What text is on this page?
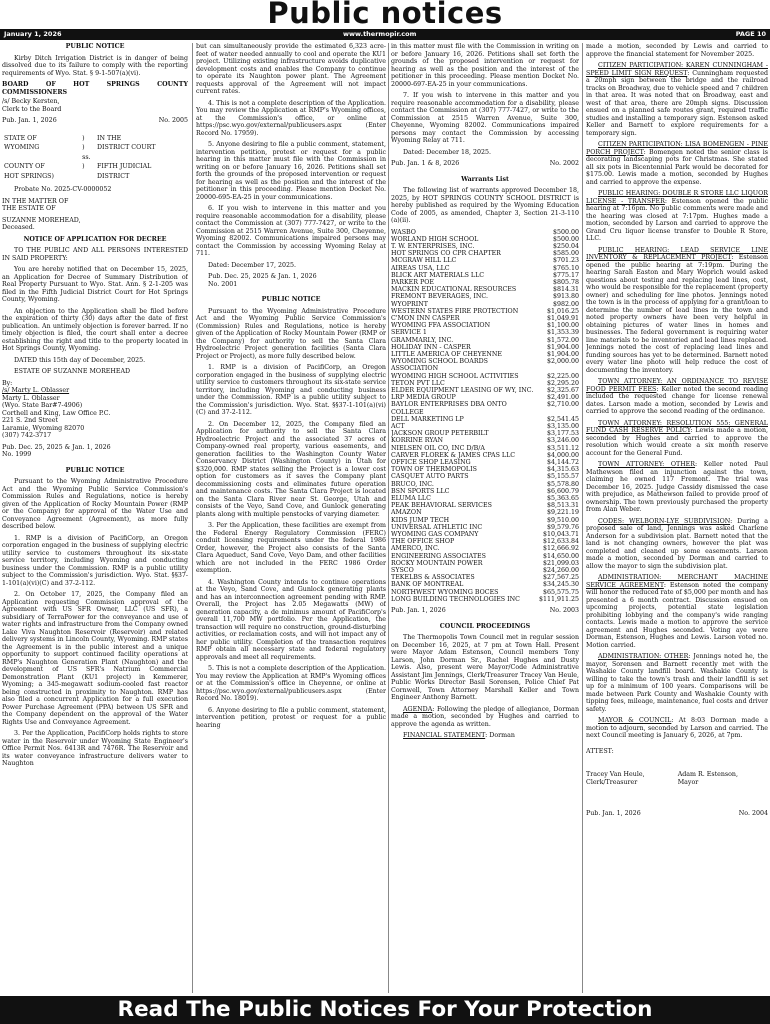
Public notices
January 1, 2026	www.thermopir.com	PAGE 10

PUBLIC NOTICE

Kirby Ditch Irrigation District is in danger of being dissolved due to its failure to comply with the reporting requirements of Wyo. Stat. § 9-1-507(a)(vi).

BOARD OF HOT SPRINGS COUNTY COMMISSIONERS

/s/ Becky Kersten,

Clerk to the Board

Pub. Jan. 1, 2026	No. 2005
STATE OF	)	IN THE
WYOMING	)	DISTRICT COURT
	ss.	
COUNTY OF	)	FIFTH JUDICIAL
HOT SPRINGS)		DISTRICT

Probate No. 2025-CV-0000052

IN THE MATTER OF

THE ESTATE OF

SUZANNE MOREHEAD,

Deceased.

NOTICE OF APPLICATION FOR DECREE

TO THE PUBLIC AND ALL PERSONS INTERESTED IN SAID PROPERTY:

You are hereby notified that on December 15, 2025, an Application for Decree of Summary Distribution of Real Property Pursuant to Wyo. Stat. Ann. § 2-1-205 was filed in the Fifth Judicial District Court for Hot Springs County, Wyoming.

An objection to the Application shall be filed before the expiration of thirty (30) days after the date of first publication. An untimely objection is forever barred. If no timely objection is filed, the court shall enter a decree establishing the right and title to the property located in Hot Springs County, Wyoming.

DATED this 15th day of December, 2025.

ESTATE OF SUZANNE MOREHEAD

By:

/s/ Marty L. Oblasser

Marty L. Oblasser

(Wyo. State Bar#7-4906)

Corthell and King, Law Office P.C.

221 S. 2nd Street

Laramie, Wyoming 82070

(307) 742-3717

Pub. Dec. 25, 2025 & Jan. 1, 2026

No. 1999

PUBLIC NOTICE

Pursuant to the Wyoming Administrative Procedure Act and the Wyoming Public Service Commission's Commission Rules and Regulations, notice is hereby given of the Application of Rocky Mountain Power (RMP or the Company) for approval of the Water Use and Conveyance Agreement (Agreement), as more fully described below.

1. RMP is a division of PacifiCorp, an Oregon corporation engaged in the business of supplying electric utility service to customers throughout its six-state service territory, including Wyoming and conducting business under the Commission. RMP is a public utility subject to the Commission's jurisdiction. Wyo. Stat. §§37-1-101(a)(vi)(C) and 37-2-112.

2. On October 17, 2025, the Company filed an Application requesting Commission approval of the Agreement with US SFR Owner, LLC (US SFR), a subsidiary of TerraPower for the conveyance and use of water rights and infrastructure from the Company owned Lake Viva Naughton Reservoir (Reservoir) and related delivery systems in Lincoln County, Wyoming. RMP states the Agreement is in the public interest and a unique opportunity to support continued facility operations at RMP's Naughton Generation Plant (Naughton) and the development of US SFR's Natrium Commercial Demonstration Plant (KU1 project) in Kemmerer, Wyoming; a 345-megawatt sodium-cooled fast reactor being constructed in proximity to Naughton. RMP has also filed a concurrent Application for a full execution Power Purchase Agreement (PPA) between US SFR and the Company dependent on the approval of the Water Rights Use and Conveyance Agreement.

3. Per the Application, PacifiCorp holds rights to store water in the Reservoir under Wyoming State Engineer's Office Permit Nos. 6413R and 7476R. The Reservoir and its water conveyance infrastructure delivers water to Naughton

but can simultaneously provide the estimated 6,323 acre-feet of water needed annually to cool and operate the KU1 project. Utilizing existing infrastructure avoids duplicative development costs and enables the Company to continue to operate its Naughton power plant. The Agreement requests approval of the Agreement will not impact current rates.

4. This is not a complete description of the Application. You may review the Application at RMP's Wyoming offices, at the Commission's office, or online at https://psc.wyo.gov/external/publicusers.aspx (Enter Record No. 17959).

5. Anyone desiring to file a public comment, statement, intervention petition, protest or request for a public hearing in this matter must file with the Commission in writing on or before January 16, 2026. Petitions shall set forth the grounds of the proposed intervention or request for hearing as well as the position and the interest of the petitioner in this proceeding. Please mention Docket No. 20000-695-EA-25 in your communications.

6. If you wish to intervene in this matter and you require reasonable accommodation for a disability, please contact the Commission at (307) 777-7427, or write to the Commission at 2515 Warren Avenue, Suite 300, Cheyenne, Wyoming 82002. Communications impaired persons may contact the Commission by accessing Wyoming Relay at 711.

Dated: December 17, 2025.

Pub. Dec. 25, 2025 & Jan. 1, 2026

No. 2001

PUBLIC NOTICE

Pursuant to the Wyoming Administrative Procedure Act and the Wyoming Public Service Commission's (Commission) Rules and Regulations, notice is hereby given of the Application of Rocky Mountain Power (RMP or the Company) for authority to sell the Santa Clara Hydroelectric Project generation facilities (Santa Clara Project or Project), as more fully described below.

1. RMP is a division of PacifiCorp, an Oregon corporation engaged in the business of supplying electric utility service to customers throughout its six-state service territory, including Wyoming and conducting business under the Commission. RMP is a public utility subject to the Commission's jurisdiction. Wyo. Stat. §§37-1-101(a)(vi)(C) and 37-2-112.

2. On December 12, 2025, the Company filed an Application for authority to sell the Santa Clara Hydroelectric Project and the associated 37 acres of Company-owned real property, various easements, and generation facilities to the Washington County Water Conservancy District (Washington County) in Utah for $320,000. RMP states selling the Project is a lower cost option for customers as it saves the Company plant decommissioning costs and eliminates future operation and maintenance costs. The Santa Clara Project is located on the Santa Clara River near St. George, Utah and consists of the Veyo, Sand Cove, and Gunlock generating plants along with multiple penstocks of varying diameter.

3. Per the Application, these facilities are exempt from the Federal Energy Regulatory Commission (FERC) conduit licensing requirements under the federal 1986 Order, however, the Project also consists of the Santa Clara Aqueduct, Sand Cove, Veyo Dam, and other facilities which are not included in the FERC 1986 Order exemption.

4. Washington County intends to continue operations at the Veyo, Sand Cove, and Gunlock generating plants and has an interconnection agreement pending with RMP. Overall, the Project has 2.05 Megawatts (MW) of generation capacity, a de minimus amount of PacifiCorp's overall 11,700 MW portfolio. Per the Application, the transaction will require no construction, ground-disturbing activities, or reclamation costs, and will not impact any of her public utility. Completion of the transaction requires RMP obtain all necessary state and federal regulatory approvals and meet all requirements.

5. This is not a complete description of the Application. You may review the Application at RMP's Wyoming offices or at the Commission's office in Cheyenne, or online at https://psc.wyo.gov/external/publicusers.aspx (Enter Record No. 18019).

6. Anyone desiring to file a public comment, statement, intervention petition, protest or request for a public hearing

in this matter must file with the Commission in writing on or before January 16, 2026. Petitions shall set forth the grounds of the proposed intervention or request for hearing as well as the position and the interest of the petitioner in this proceeding. Please mention Docket No. 20000-697-EA-25 in your communications.

7. If you wish to intervene in this matter and you require reasonable accommodation for a disability, please contact the Commission at (307) 777-7427, or write to the Commission at 2515 Warren Avenue, Suite 300, Cheyenne, Wyoming 82002. Communications impaired persons may contact the Commission by accessing Wyoming Relay at 711.

Dated: December 18, 2025.

Pub. Jan. 1 & 8, 2026	No. 2002

Warrants List

The following list of warrants approved December 18, 2025, by HOT SPRINGS COUNTY SCHOOL DISTRICT is hereby published as required by the Wyoming Education Code of 2005, as amended, Chapter 3, Section 21-3-110 (a)(ii).

WASBO	$500.00
WORLAND HIGH SCHOOL	$500.00
T. W. ENTERPRISES, INC.	$250.04
HOT SPRINGS CO CPR CHAPTER	$585.00
MCGRAW HILL LLC	$701.23
AIREAS USA, LLC	$765.10
BLICK ART MATERIALS LLC	$775.17
PARKER POE	$805.78
MACKIN EDUCATIONAL RESOURCES	$814.31
FREMONT BEVERAGES, INC.	$913.80
WYOPRINT	$982.00
WESTERN STATES FIRE PROTECTION	$1,016.25
C'MON INN CASPER	$1,049.91
WYOMING FFA ASSOCIATION	$1,100.00
SERVICE 1	$1,353.39
GRAMMARLY, INC.	$1,572.00
HOLIDAY INN - CASPER	$1,904.00
LITTLE AMERICA OF CHEYENNE	$1,904.00
WYOMING SCHOOL BOARDS ASSOCIATION	$2,000.00
WYOMING HIGH SCHOOL ACTIVITIES	$2,225.00
TETON PVT LLC	$2,295.20
ELDER EQUIPMENT LEASING OF WY, INC.	$2,325.67
LRP MEDIA GROUP	$2,491.00
BAYLOR ENTERPRISES DBA ONTO COLLEGE	$2,710.00
DELL MARKETING LP	$2,541.45
ACT	$3,135.00
JACKSON GROUP PETERBILT	$3,177.53
KORRINE RYAN	$3,246.00
NIELSEN OIL CO, INC D/B/A	$3,511.12
CARVER FLOREK & JAMES CPAS LLC	$4,000.00
OFFICE SHOP LEASING	$4,144.72
TOWN OF THERMOPOLIS	$4,315.63
CASQUET AUTO PARTS	$5,155.57
BRUCO, INC.	$5,578.80
BSN SPORTS LLC	$6,600.79
ELUMA LLC	$5,363.65
PEAK BEHAVIORAL SERVICES	$8,513.31
AMAZON	$9,221.19
KIDS JUMP TECH	$9,510.00
UNIVERSAL ATHLETIC INC	$9,579.76
WYOMING GAS COMPANY	$10,043.71
THE OFFICE SHOP	$12,633.84
AMERCO, INC.	$12,666.92
ENGINEERING ASSOCIATES	$14,650.00
ROCKY MOUNTAIN POWER	$21,099.03
SYSCO	$24,260.00
TEKELBS & ASSOCIATES	$27,567.25
BANK OF MONTREAL	$34,245.30
NORTHWEST WYOMING BOCES	$65,575.75
LONG BUILDING TECHNOLOGIES INC	$111,911.25
Pub. Jan. 1, 2026	No. 2003

COUNCIL PROCEEDINGS

The Thermopolis Town Council met in regular session on December 16, 2025, at 7 pm at Town Hall. Present were Mayor Adam Estenson, Council members Tony Larson, John Dorman Sr., Rachel Hughes and Dusty Lewis. Also, present were Mayor/Code Administrative Assistant Jim Jennings, Clerk/Treasurer Tracey Van Heule, Public Works Director Basil Sorensen, Police Chief Pat Cornwell, Town Attorney Marshall Keller and Town Engineer Anthony Barnett.

AGENDA: Following the pledge of allegiance, Dorman made a motion, seconded by Hughes and carried to approve the agenda as written.

FINANCIAL STATEMENT: Dorman

made a motion, seconded by Lewis and carried to approve the financial statement for November 2025.

CITIZEN PARTICIPATION: KAREN CUNNINGHAM - SPEED LIMIT SIGN REQUEST: Cunningham requested a 20mph sign between the bridge and the railroad tracks on Broadway, due to vehicle speed and 7 children in that area. It was noted that on Broadway, east and west of that area, there are 20mph signs. Discussion ensued on a planned safe routes grant, required traffic studies and installing a temporary sign. Estenson asked Keller and Barnett to explore requirements for a temporary sign.

CITIZEN PARTICIPATION: LISA BOMENGEN - PINE PORCH PROJECT: Bomengen noted the senior class is decorating landscaping pots for Christmas. She stated all six pots in Bicentennial Park would be decorated for $175.00. Lewis made a motion, seconded by Hughes and carried to approve the expense.

PUBLIC HEARING: DOUBLE R STORE LLC LIQUOR LICENSE - TRANSFER: Estenson opened the public hearing at 7:16pm. No public comments were made and the hearing was closed at 7:17pm. Hughes made a motion, seconded by Larson and carried to approve the Grand Cru liquor license transfer to Double R Store, LLC.

PUBLIC HEARING: LEAD SERVICE LINE INVENTORY & REPLACEMENT PROJECT: Estenson opened the public hearing at 7:19pm. During the hearing Sarah Easton and Mary Woprich would asked questions about testing and replacing lead lines, cost, who would be responsible for the replacement (property owner) and scheduling for line photos. Jennings noted the town is in the process of applying for a grant/loan to determine the number of lead lines in the town and noted property owners have been very helpful in obtaining pictures of water lines in homes and businesses. The federal government is requiring water line materials to be inventoried and lead lines replaced. Jennings noted the cost of replacing lead lines and funding sources has yet to be determined. Barnett noted every water line photo will help reduce the cost of documenting the inventory.

TOWN ATTORNEY: AN ORDINANCE TO REVISE FOOD PERMIT FEES: Keller noted the second reading included the requested change for license renewal dates. Larson made a motion, seconded by Lewis and carried to approve the second reading of the ordinance.

TOWN ATTORNEY: RESOLUTION 555: GENERAL FUND CASH RESERVE POLICY: Lewis made a motion, seconded by Hughes and carried to approve the resolution which would create a six month reserve account for the General Fund.

TOWN ATTORNEY: OTHER: Keller noted Paul Mathewson filed an injunction against the town, claiming he owned 117 Fremont. The trial was December 16, 2025. Judge Cassidy dismissed the case with prejudice, as Mathewson failed to provide proof of ownership. The town previously purchased the property from Alan Weber.

CODES: WELBORN-LYE SUBDIVISION: During a proposed sale of land, Jennings was asked Charlene Anderson for a subdivision plat. Barnett noted that the land is not changing owners, however the plat was completed and cleaned up some easements. Larson made a motion, seconded by Dorman and carried to allow the mayor to sign the subdivision plat.

ADMINISTRATION: MERCHANT MACHINE SERVICE AGREEMENT: Estenson noted the company will honor the reduced rate of $5,000 per month and has presented a 6 month contract. Discussion ensued on upcoming projects, potential state legislation prohibiting lobbying and the company's wide ranging contacts. Lewis made a motion to approve the service agreement and Hughes seconded. Voting aye were Dorman, Estenson, Hughes and Lewis. Larson voted no. Motion carried.

ADMINISTRATION: OTHER: Jennings noted he, the mayor, Sorensen and Barnett recently met with the Washakie County landfill board. Washakie County is willing to take the town's trash and their landfill is set up for a minimum of 100 years. Comparisons will be made between Park County and Washakie County with tipping fees, mileage, maintenance, fuel costs and driver safety.

MAYOR & COUNCIL: At 8:03 Dorman made a motion to adjourn, seconded by Larson and carried. The next Council meeting is January 6, 2026, at 7pm.

ATTEST:

Tracey Van Heule,

Clerk/Treasurer

Adam R. Estenson,

Mayor

Pub. Jan. 1, 2026	No. 2004
Read The Public Notices For Your Protection
